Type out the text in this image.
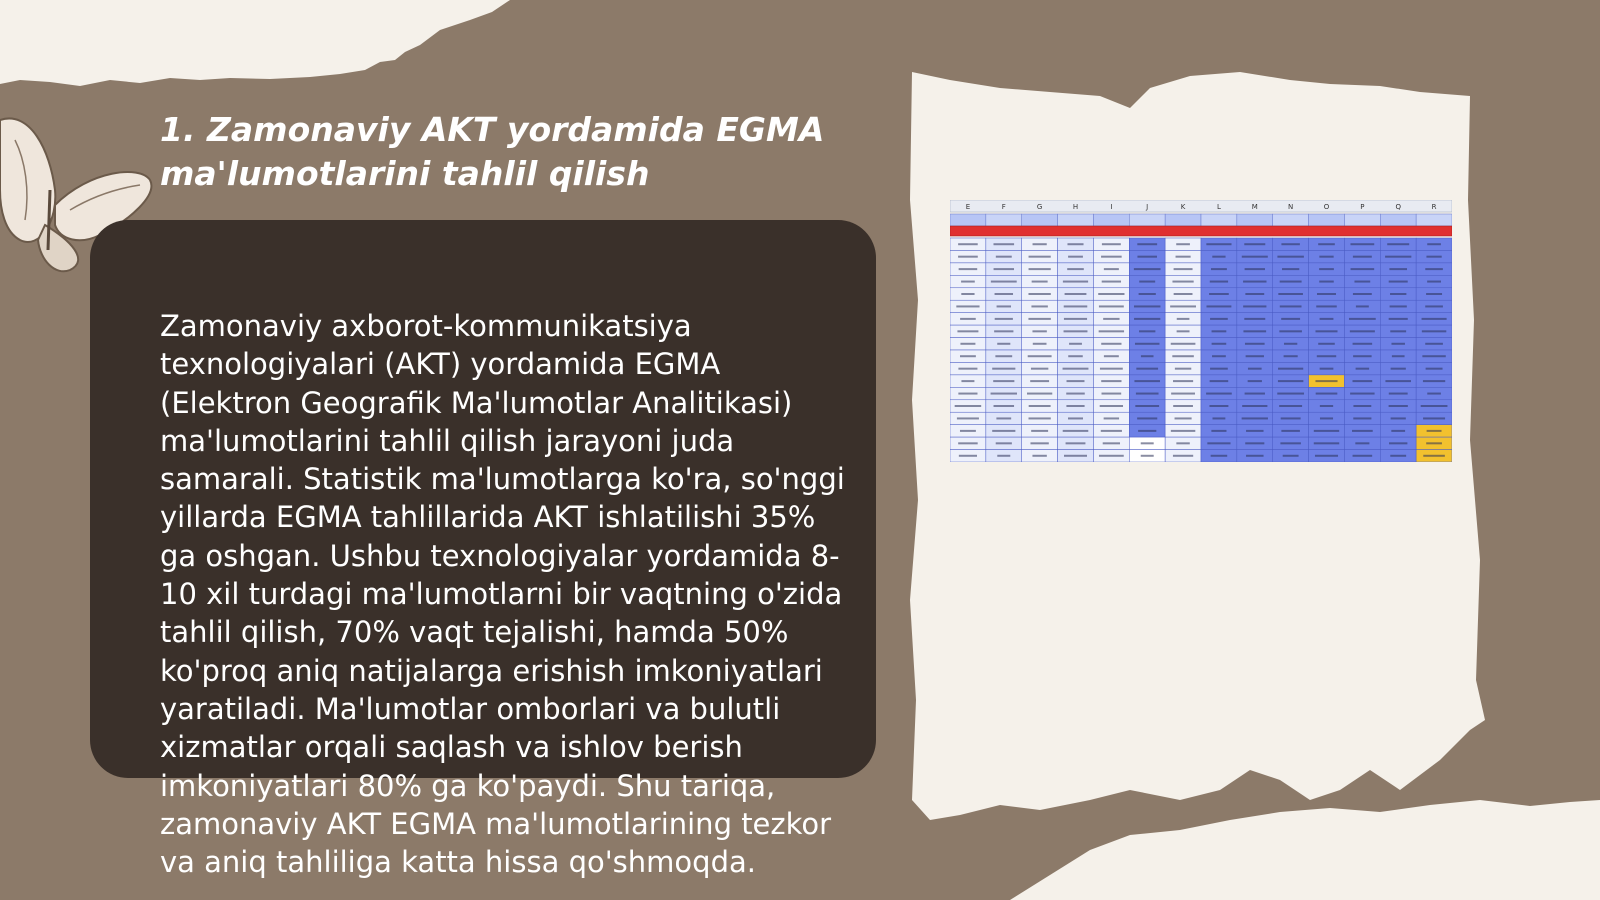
1. Zamonaviy AKT yordamida EGMA
ma'lumotlarini tahlil qilish
Zamonaviy axborot-kommunikatsiya texnologiyalari (AKT) yordamida EGMA (Elektron Geografik Ma'lumotlar Analitikasi) ma'lumotlarini tahlil qilish jarayoni juda samarali. Statistik ma'lumotlarga ko'ra, so'nggi yillarda EGMA tahlillarida AKT ishlatilishi 35% ga oshgan. Ushbu texnologiyalar yordamida 8-10 xil turdagi ma'lumotlarni bir vaqtning o'zida tahlil qilish, 70% vaqt tejalishi, hamda 50% ko'proq aniq natijalarga erishish imkoniyatlari yaratiladi. Ma'lumotlar omborlari va bulutli xizmatlar orqali saqlash va ishlov berish imkoniyatlari 80% ga ko'paydi. Shu tariqa, zamonaviy AKT EGMA ma'lumotlarining tezkor va aniq tahliliga katta hissa qo'shmoqda.
E	F	G	H	I	J	K	L	M	N	O	P	Q	R
